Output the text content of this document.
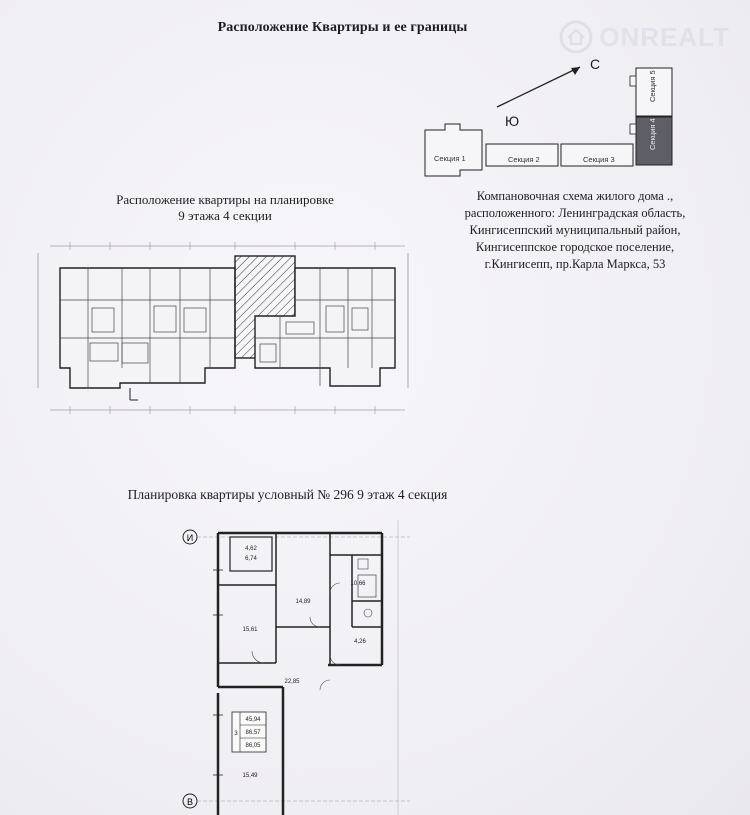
Расположение Квартиры и ее границы	ONREALT
С
Ю
Секция 1	Секция 2	Секция 3
Секция 4
Секция 5
Компановочная схема жилого дома .,
расположенного: Ленинградская область,
Кингисеппский муниципальный район,
Кингисеппское городское поселение,
г.Кингисепп, пр.Карла Маркса, 53
Расположение квартиры на планировке
9 этажа 4 секции
Планировка квартиры условный № 296 9 этаж 4 секция
И
В
4,62
6,74
14,89
10,66
15,61
22,85
4,26
15,49
3
45,94
86,57
86,05
